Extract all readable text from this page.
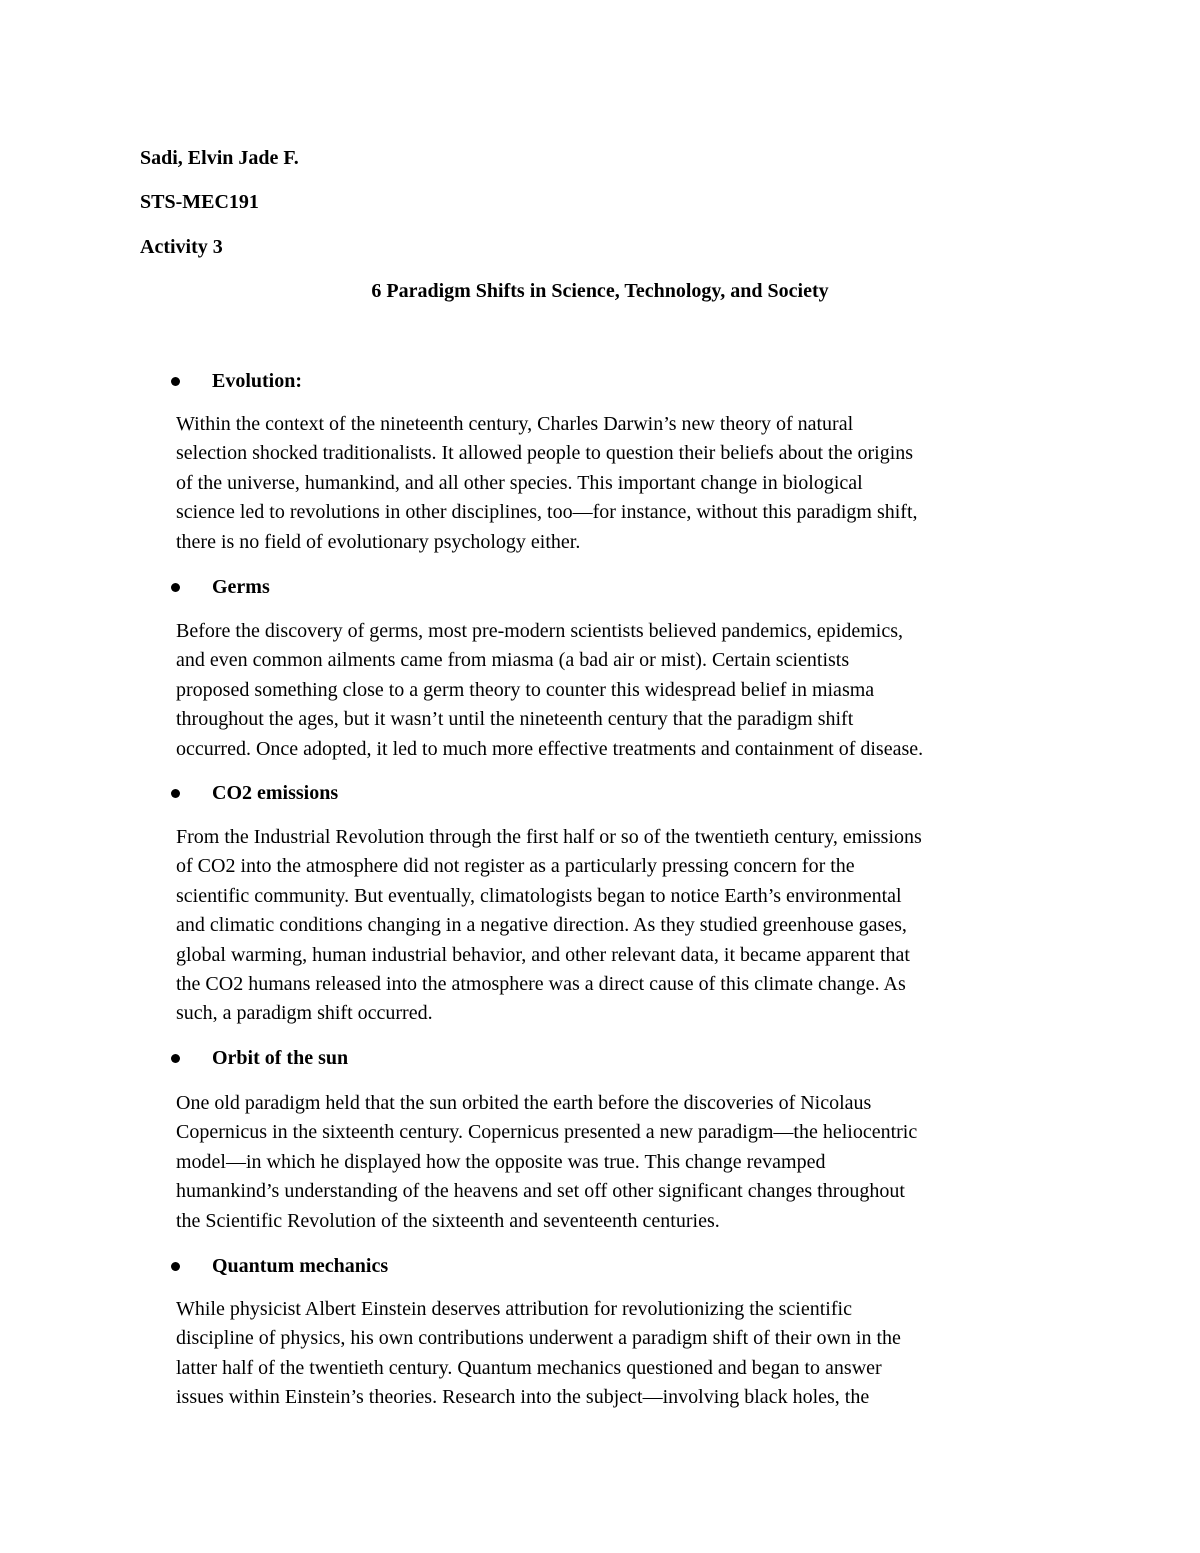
Sadi, Elvin Jade F.
STS-MEC191
Activity 3
6 Paradigm Shifts in Science, Technology, and Society
Evolution:
Within the context of the nineteenth century, Charles Darwin’s new theory of natural
selection shocked traditionalists. It allowed people to question their beliefs about the origins
of the universe, humankind, and all other species. This important change in biological
science led to revolutions in other disciplines, too—for instance, without this paradigm shift,
there is no field of evolutionary psychology either.
Germs
Before the discovery of germs, most pre-modern scientists believed pandemics, epidemics,
and even common ailments came from miasma (a bad air or mist). Certain scientists
proposed something close to a germ theory to counter this widespread belief in miasma
throughout the ages, but it wasn’t until the nineteenth century that the paradigm shift
occurred. Once adopted, it led to much more effective treatments and containment of disease.
CO2 emissions
From the Industrial Revolution through the first half or so of the twentieth century, emissions
of CO2 into the atmosphere did not register as a particularly pressing concern for the
scientific community. But eventually, climatologists began to notice Earth’s environmental
and climatic conditions changing in a negative direction. As they studied greenhouse gases,
global warming, human industrial behavior, and other relevant data, it became apparent that
the CO2 humans released into the atmosphere was a direct cause of this climate change. As
such, a paradigm shift occurred.
Orbit of the sun
One old paradigm held that the sun orbited the earth before the discoveries of Nicolaus
Copernicus in the sixteenth century. Copernicus presented a new paradigm—the heliocentric
model—in which he displayed how the opposite was true. This change revamped
humankind’s understanding of the heavens and set off other significant changes throughout
the Scientific Revolution of the sixteenth and seventeenth centuries.
Quantum mechanics
While physicist Albert Einstein deserves attribution for revolutionizing the scientific
discipline of physics, his own contributions underwent a paradigm shift of their own in the
latter half of the twentieth century. Quantum mechanics questioned and began to answer
issues within Einstein’s theories. Research into the subject—involving black holes, the
